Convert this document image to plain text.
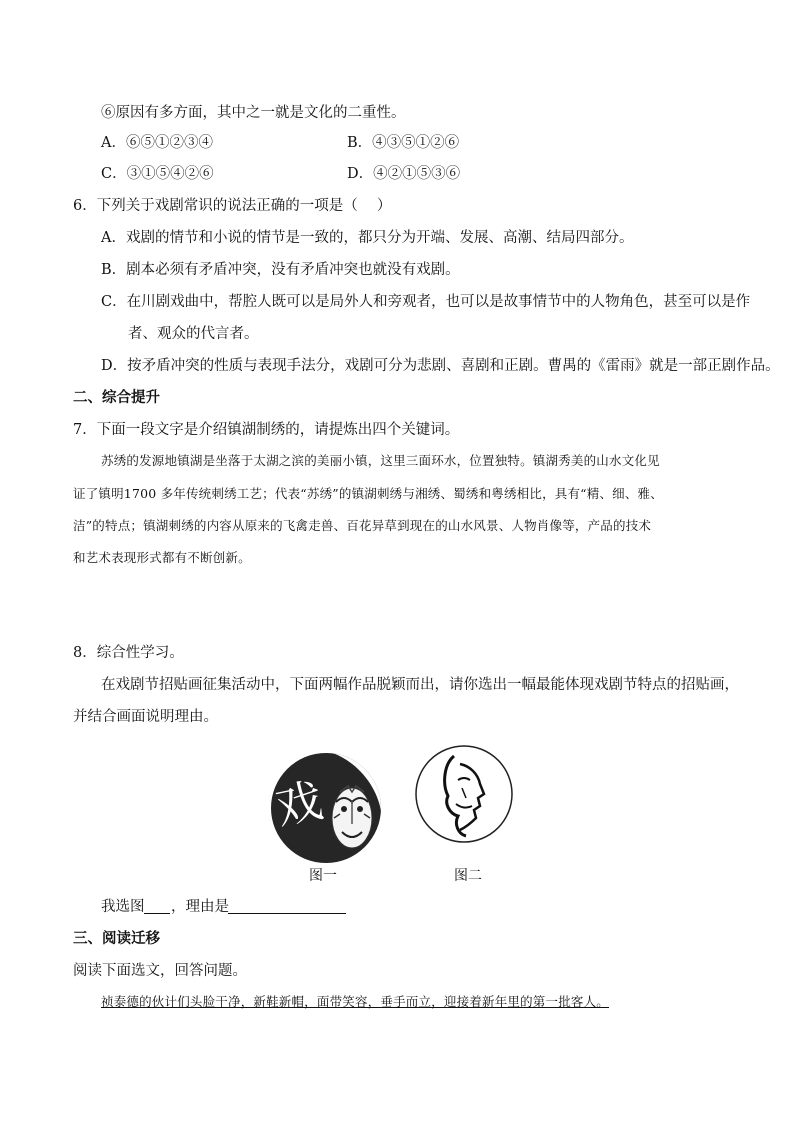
⑥原因有多方面，其中之一就是文化的二重性。
A．⑥⑤①②③④	B．④③⑤①②⑥
C．③①⑤④②⑥	D．④②①⑤③⑥
6．下列关于戏剧常识的说法正确的一项是（　 ）
A．戏剧的情节和小说的情节是一致的，都只分为开端、发展、高潮、结局四部分。
B．剧本必须有矛盾冲突，没有矛盾冲突也就没有戏剧。
C．在川剧戏曲中，帮腔人既可以是局外人和旁观者，也可以是故事情节中的人物角色，甚至可以是作
者、观众的代言者。
D．按矛盾冲突的性质与表现手法分，戏剧可分为悲剧、喜剧和正剧。曹禺的《雷雨》就是一部正剧作品。
二、综合提升
7．下面一段文字是介绍镇湖制绣的，请提炼出四个关键词。
苏绣的发源地镇湖是坐落于太湖之滨的美丽小镇，这里三面环水，位置独特。镇湖秀美的山水文化见
证了镇明1700 多年传统刺绣工艺；代表“苏绣”的镇湖刺绣与湘绣、蜀绣和粤绣相比，具有“精、细、雅、
洁”的特点；镇湖刺绣的内容从原来的飞禽走兽、百花异草到现在的山水风景、人物肖像等，产品的技术
和艺术表现形式都有不断创新。
8．综合性学习。
在戏剧节招贴画征集活动中，下面两幅作品脱颖而出，请你选出一幅最能体现戏剧节特点的招贴画，
并结合画面说明理由。
戏
图一	图二
我选图 ，理由是
三、阅读迁移
阅读下面选文，回答问题。
祯泰德的伙计们头脸干净，新鞋新帽，面带笑容，垂手而立，迎接着新年里的第一批客人。
